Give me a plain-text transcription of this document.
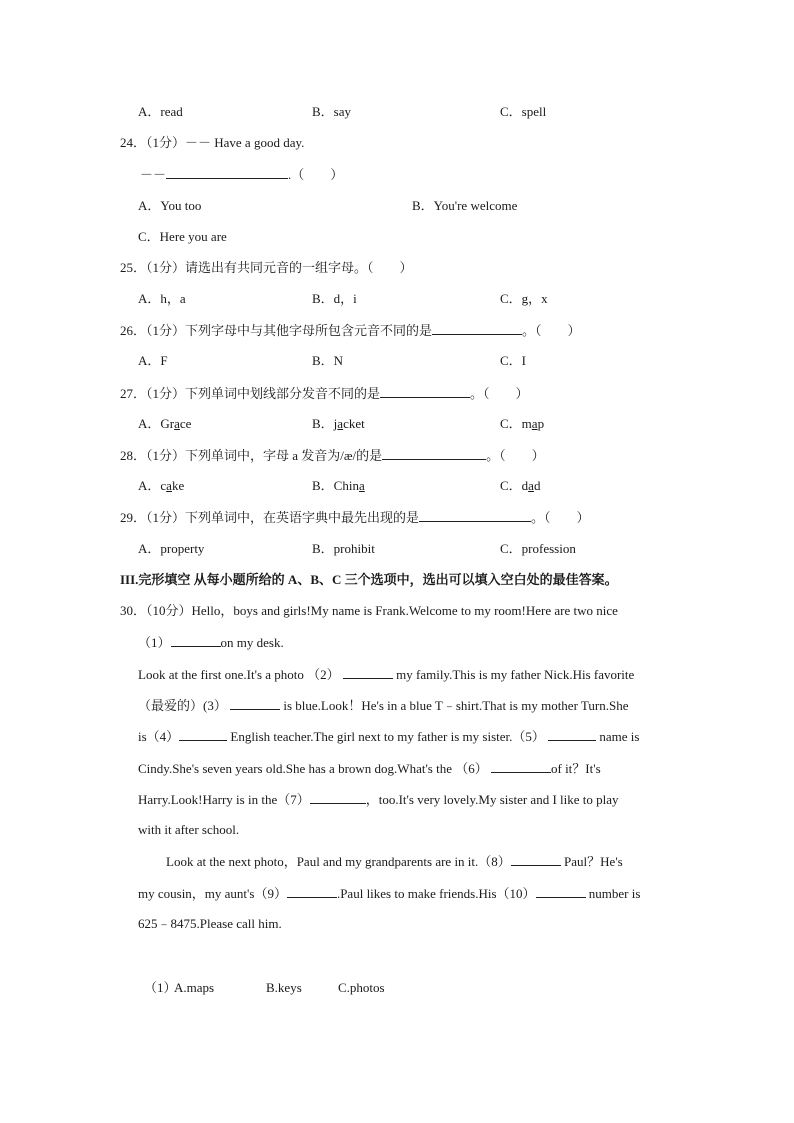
A．read	B．say	C．spell
24．（1分）－－ Have a good day.
－－	.（　　）
A．You too	B．You're welcome
C．Here you are
25．（1分）请选出有共同元音的一组字母。（　　）
A．h，a	B．d，i	C．g，x
26．（1分）下列字母中与其他字母所包含元音不同的是	。（　　）
A．F	B．N	C．I
27．（1分）下列单词中划线部分发音不同的是	。（　　）
A．Grace	B．jacket	C．map
28．（1分）下列单词中，字母 a 发音为/æ/的是	。（　　）
A．cake	B．China	C．dad
29．（1分）下列单词中，在英语字典中最先出现的是	。（　　）
A．property	B．prohibit	C．profession
III.完形填空 从每小题所给的 A、B、C 三个选项中，选出可以填入空白处的最佳答案。
30．（10分）Hello，boys and girls!My name is Frank.Welcome to my room!Here are two nice
（1）	on my desk.
Look at the first one.It's a photo （2）	my family.This is my father Nick.His favorite
（最爱的）(3）	is blue.Look！He's in a blue T﹣shirt.That is my mother Turn.She
is（4）	English teacher.The girl next to my father is my sister.（5）	name is
Cindy.She's seven years old.She has a brown dog.What's the （6）	of it？It's
Harry.Look!Harry is in the（7）	，too.It's very lovely.My sister and I like to play
with it after school.
Look at the next photo，Paul and my grandparents are in it.（8）	Paul？He's
my cousin，my aunt's（9）	.Paul likes to make friends.His（10）	number is
625﹣8475.Please call him.
（1）
A.maps	B.keys	C.photos
